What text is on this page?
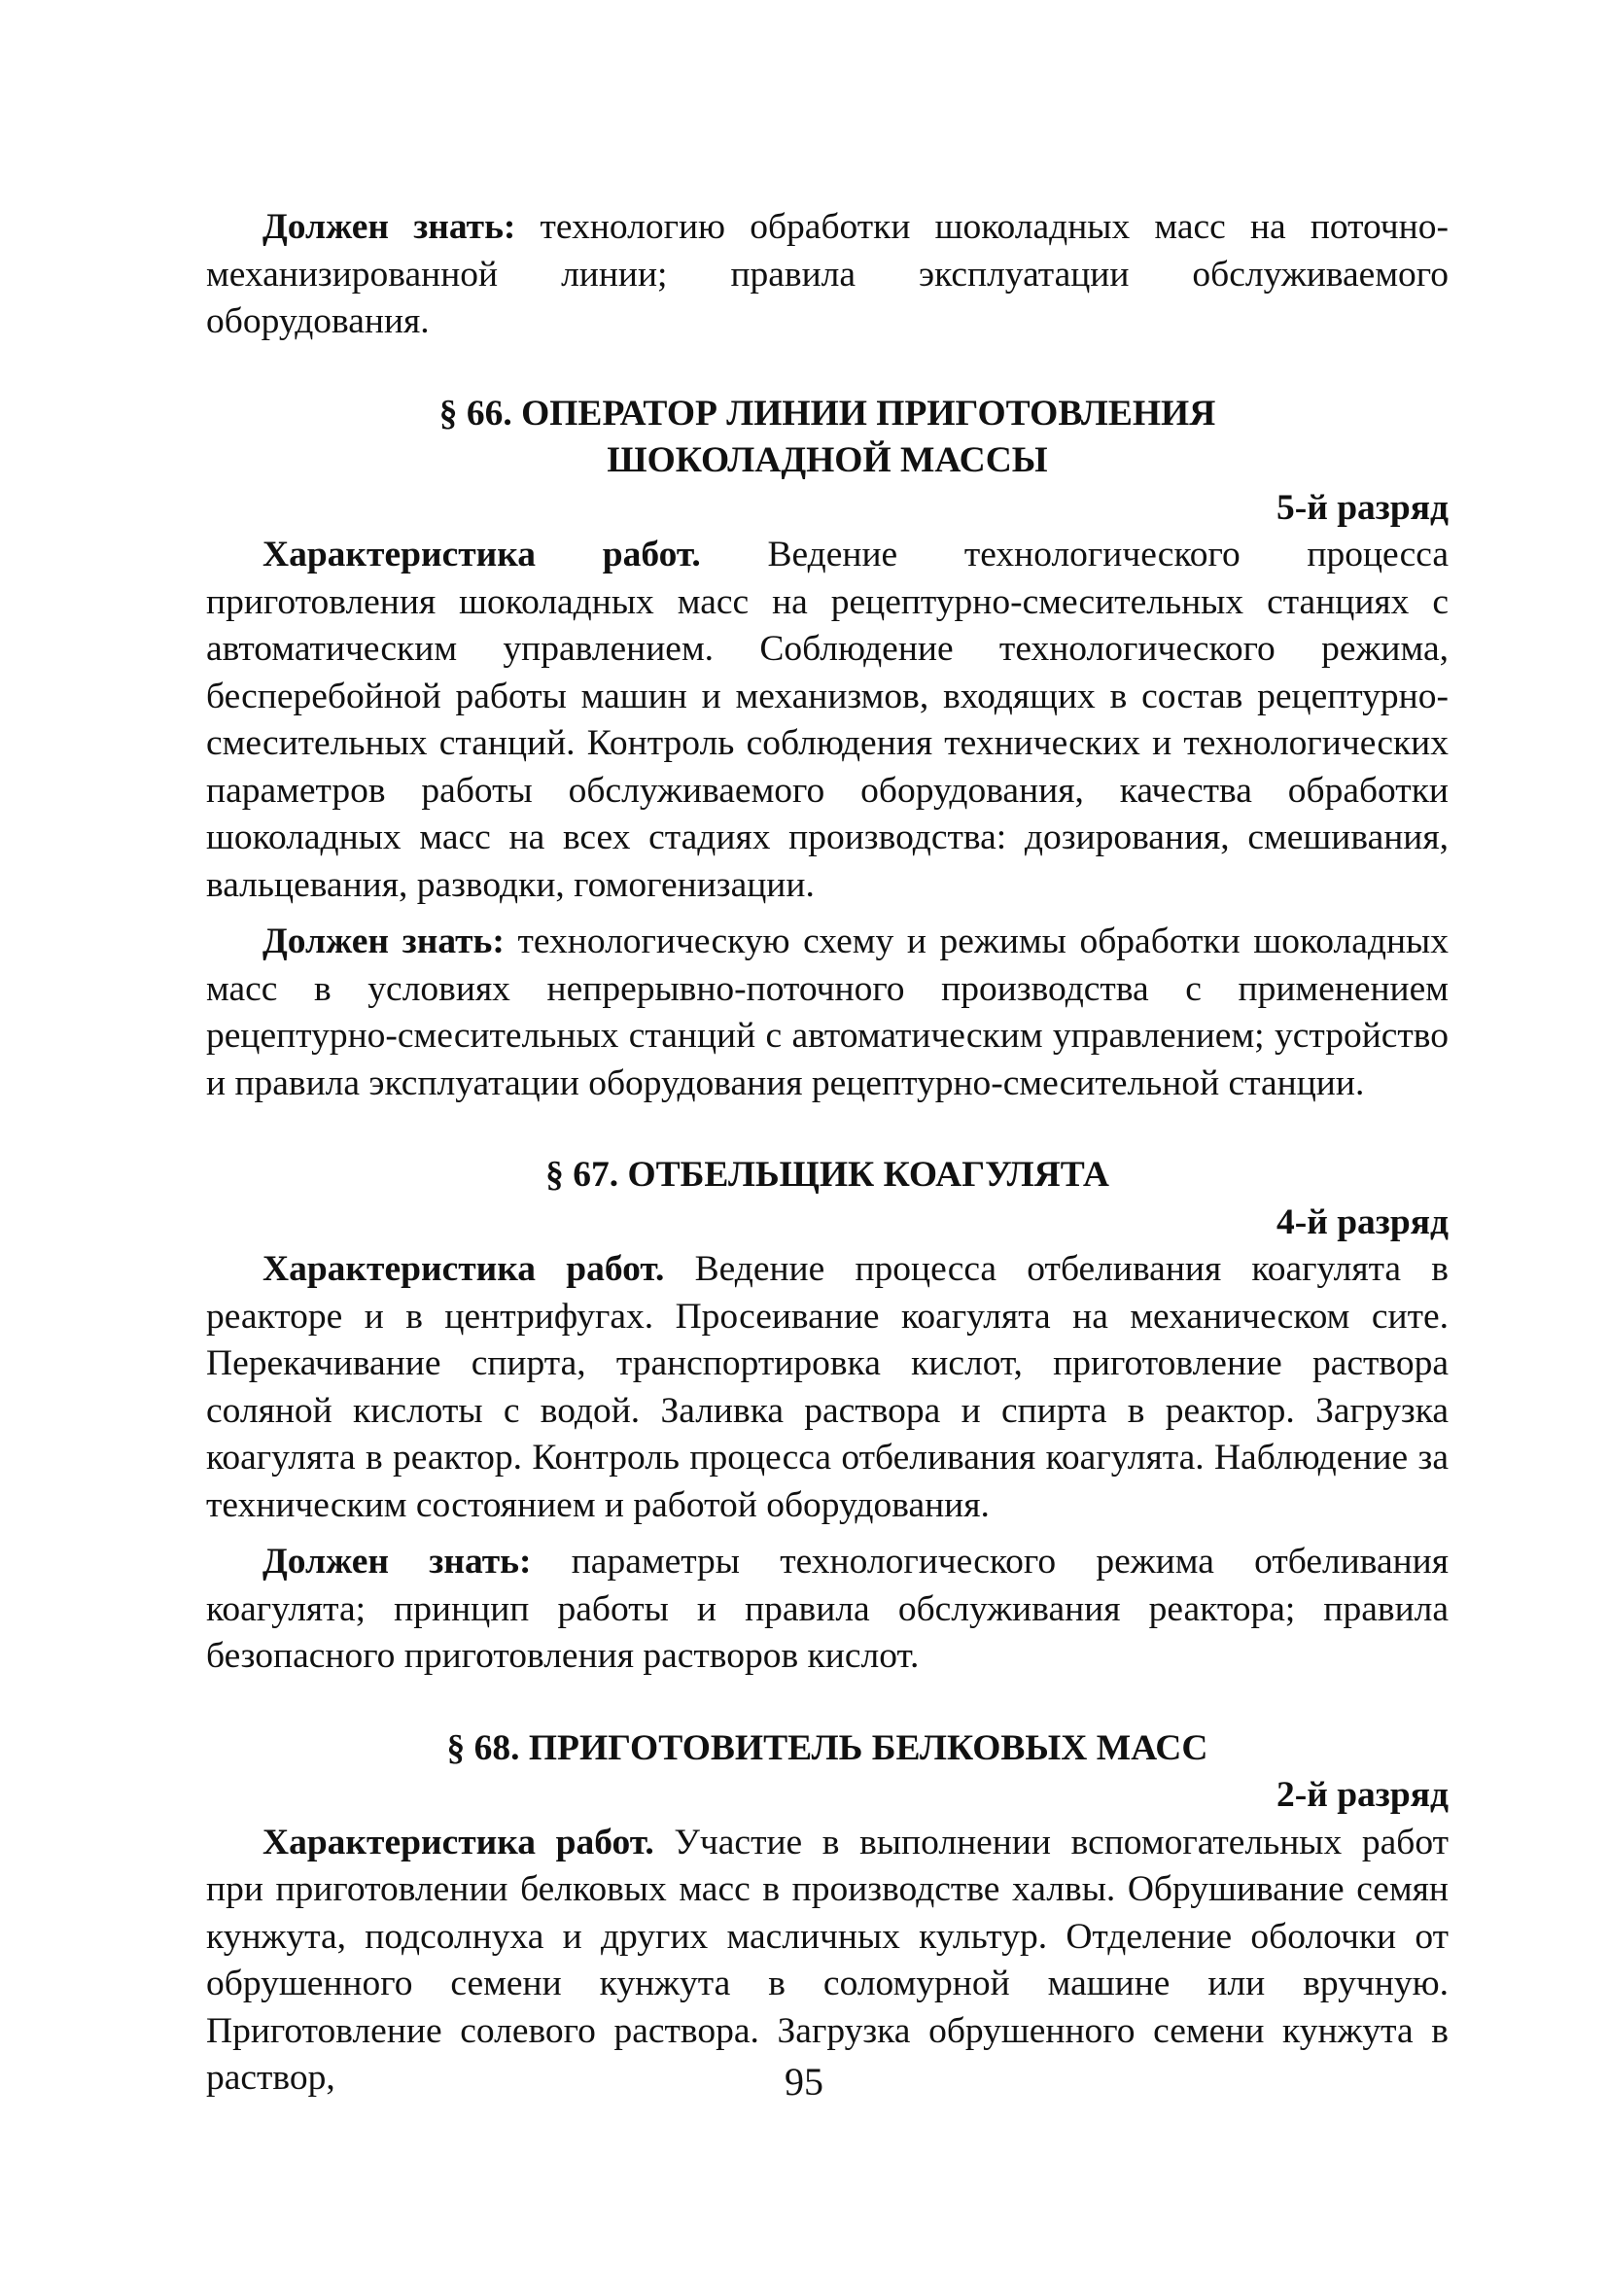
Должен знать: технологию обработки шоколадных масс на поточно-механизированной линии; правила эксплуатации обслуживаемого оборудования.

§ 66. ОПЕРАТОР ЛИНИИ ПРИГОТОВЛЕНИЯ
ШОКОЛАДНОЙ МАССЫ
5-й разряд

Характеристика работ. Ведение технологического процесса приготовления шоколадных масс на рецептурно-смесительных станциях с автоматическим управлением. Соблюдение технологического режима, бесперебойной работы машин и механизмов, входящих в состав рецептурно-смесительных станций. Контроль соблюдения технических и технологических параметров работы обслуживаемого оборудования, качества обработки шоколадных масс на всех стадиях производства: дозирования, смешивания, вальцевания, разводки, гомогенизации.

Должен знать: технологическую схему и режимы обработки шоколадных масс в условиях непрерывно-поточного производства с применением рецептурно-смесительных станций с автоматическим управлением; устройство и правила эксплуатации оборудования рецептурно-смесительной станции.

§ 67. ОТБЕЛЬЩИК КОАГУЛЯТА
4-й разряд

Характеристика работ. Ведение процесса отбеливания коагулята в реакторе и в центрифугах. Просеивание коагулята на механическом сите. Перекачивание спирта, транспортировка кислот, приготовление раствора соляной кислоты с водой. Заливка раствора и спирта в реактор. Загрузка коагулята в реактор. Контроль процесса отбеливания коагулята. Наблюдение за техническим состоянием и работой оборудования.

Должен знать: параметры технологического режима отбеливания коагулята; принцип работы и правила обслуживания реактора; правила безопасного приготовления растворов кислот.

§ 68. ПРИГОТОВИТЕЛЬ БЕЛКОВЫХ МАСС
2-й разряд

Характеристика работ. Участие в выполнении вспомогательных работ при приготовлении белковых масс в производстве халвы. Обрушивание семян кунжута, подсолнуха и других масличных культур. Отделение оболочки от обрушенного семени кунжута в соломурной машине или вручную. Приготовление солевого раствора. Загрузка обрушенного семени кунжута в раствор,	95
